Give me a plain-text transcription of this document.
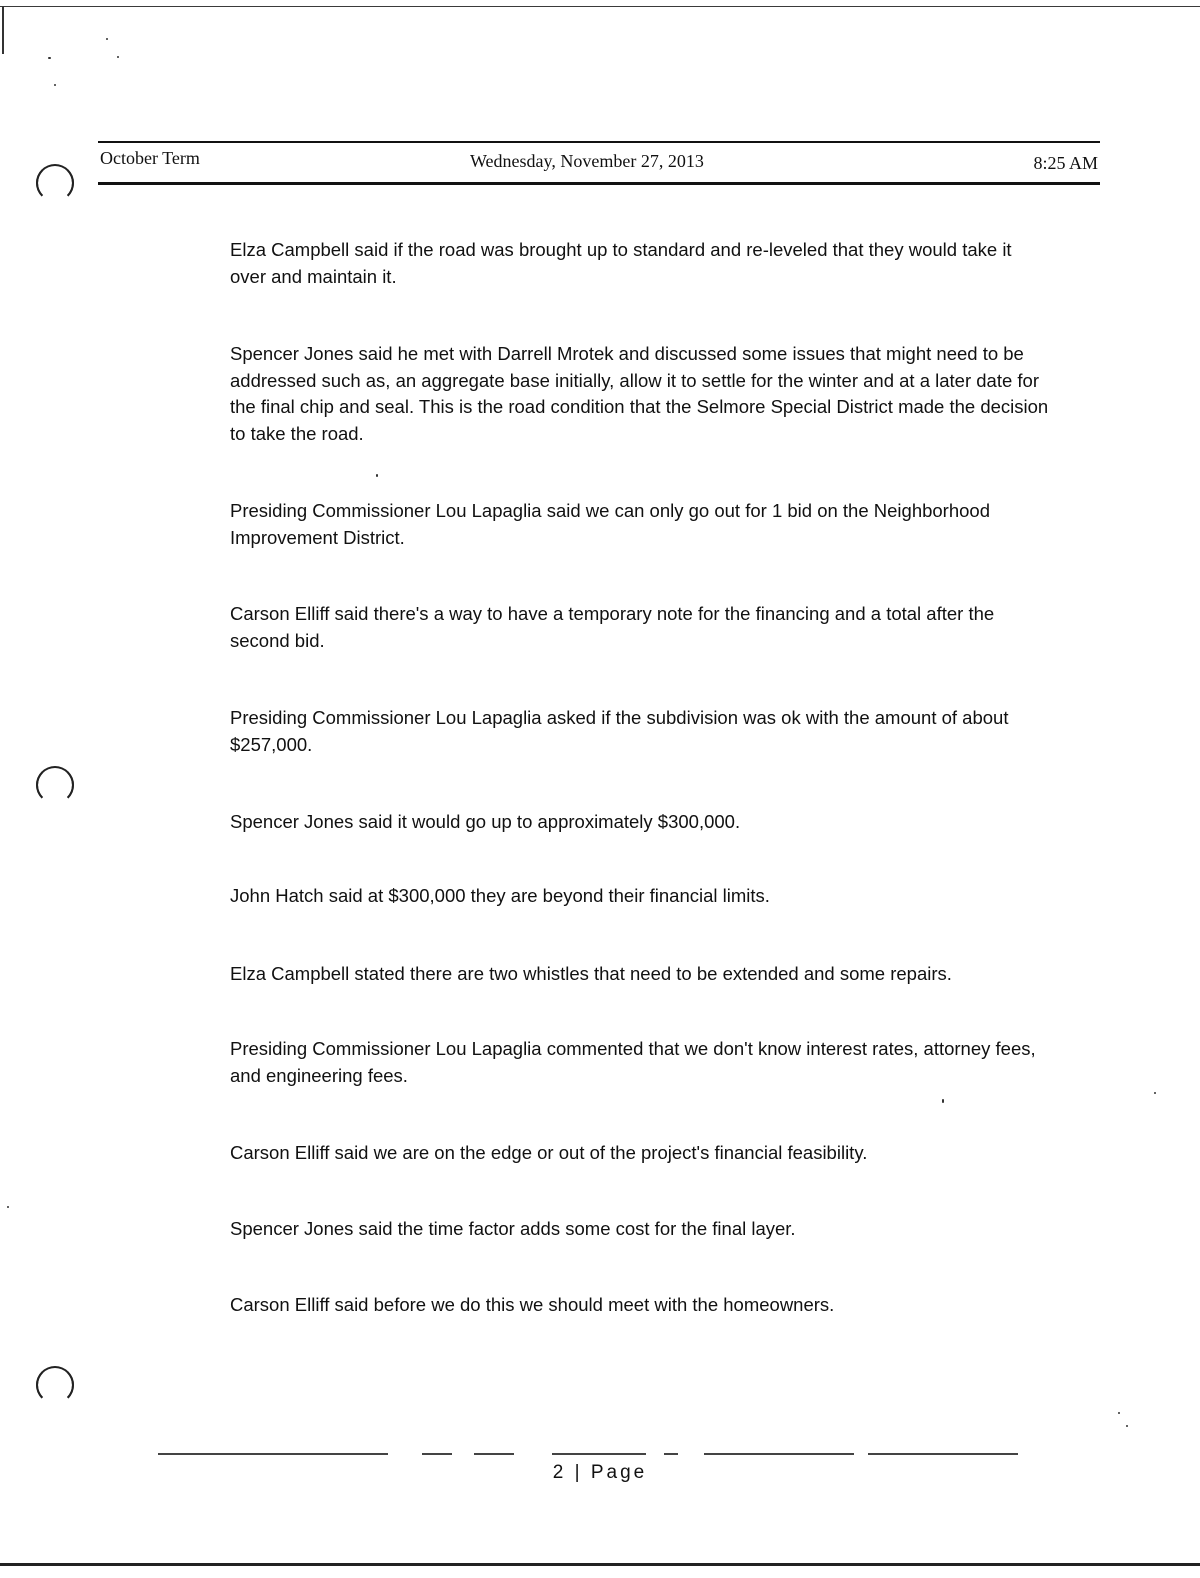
October Term	Wednesday, November 27, 2013	8:25 AM

Elza Campbell said if the road was brought up to standard and re-leveled that they would take it over and maintain it.

Spencer Jones said he met with Darrell Mrotek and discussed some issues that might need to be addressed such as, an aggregate base initially, allow it to settle for the winter and at a later date for the final chip and seal. This is the road condition that the Selmore Special District made the decision to take the road.

Presiding Commissioner Lou Lapaglia said we can only go out for 1 bid on the Neighborhood Improvement District.

Carson Elliff said there's a way to have a temporary note for the financing and a total after the second bid.

Presiding Commissioner Lou Lapaglia asked if the subdivision was ok with the amount of about $257,000.

Spencer Jones said it would go up to approximately $300,000.

John Hatch said at $300,000 they are beyond their financial limits.

Elza Campbell stated there are two whistles that need to be extended and some repairs.

Presiding Commissioner Lou Lapaglia commented that we don't know interest rates, attorney fees, and engineering fees.

Carson Elliff said we are on the edge or out of the project's financial feasibility.

Spencer Jones said the time factor adds some cost for the final layer.

Carson Elliff said before we do this we should meet with the homeowners.

2 | Page
